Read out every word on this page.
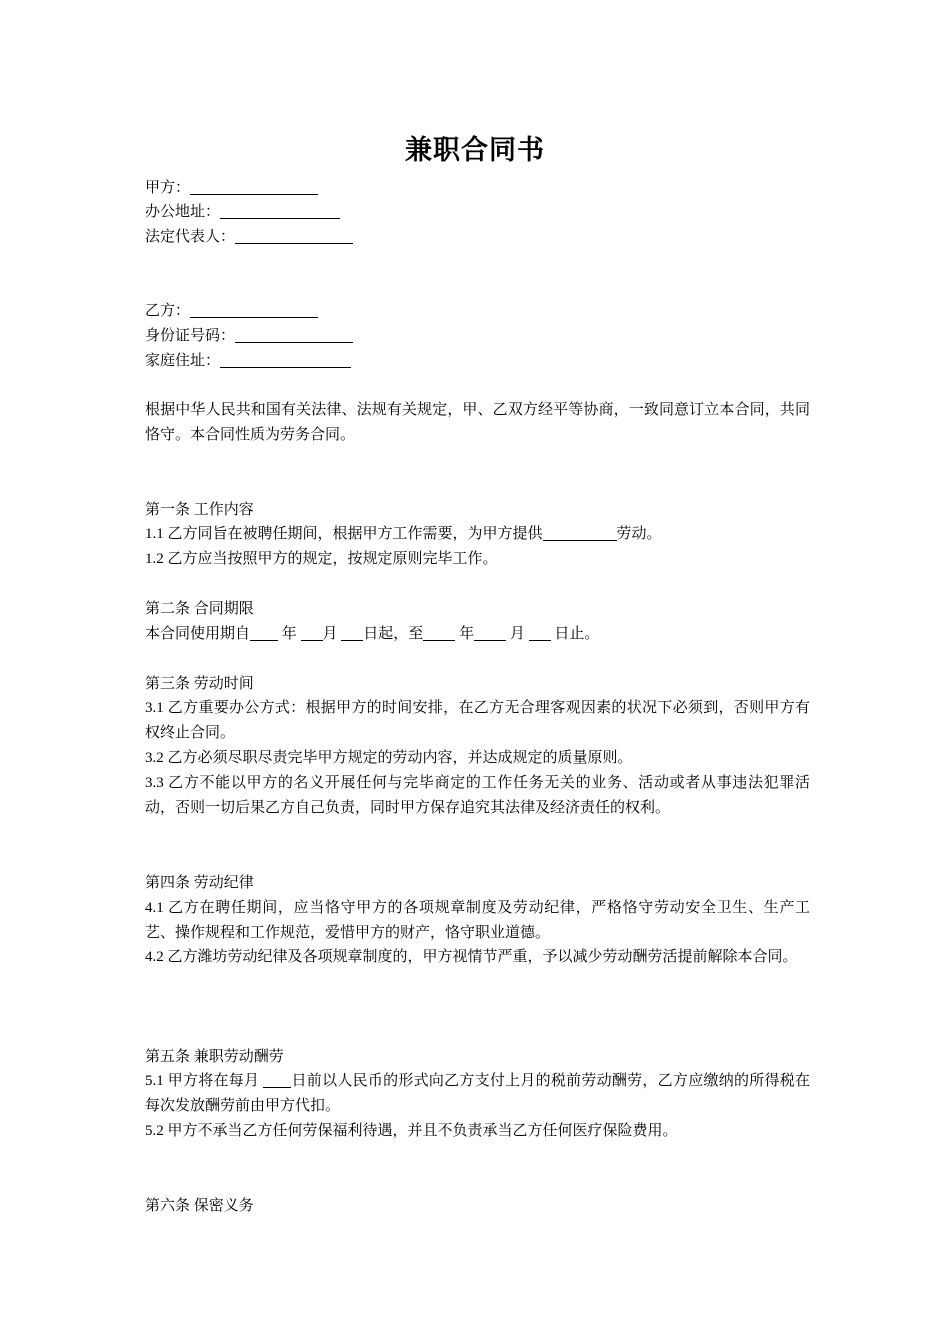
兼职合同书
甲方：
办公地址：
法定代表人：
乙方：
身份证号码：
家庭住址：
根据中华人民共和国有关法律、法规有关规定，甲、乙双方经平等协商，一致同意订立本合同，共同恪守。本合同性质为劳务合同。
第一条 工作内容
1.1 乙方同旨在被聘任期间，根据甲方工作需要，为甲方提供	劳动。
1.2 乙方应当按照甲方的规定，按规定原则完毕工作。
第二条 合同期限
本合同使用期自 年 月 日起，至 年 月  日止。
第三条 劳动时间
3.1 乙方重要办公方式：根据甲方的时间安排，在乙方无合理客观因素的状况下必须到，否则甲方有权终止合同。
3.2 乙方必须尽职尽责完毕甲方规定的劳动内容，并达成规定的质量原则。
3.3 乙方不能以甲方的名义开展任何与完毕商定的工作任务无关的业务、活动或者从事违法犯罪活动，否则一切后果乙方自己负责，同时甲方保存追究其法律及经济责任的权利。
第四条 劳动纪律
4.1 乙方在聘任期间，应当恪守甲方的各项规章制度及劳动纪律，严格恪守劳动安全卫生、生产工艺、操作规程和工作规范，爱惜甲方的财产，恪守职业道德。
4.2 乙方潍坊劳动纪律及各项规章制度的，甲方视情节严重，予以减少劳动酬劳活提前解除本合同。
第五条 兼职劳动酬劳
5.1 甲方将在每月 日前以人民币的形式向乙方支付上月的税前劳动酬劳，乙方应缴纳的所得税在每次发放酬劳前由甲方代扣。
5.2 甲方不承当乙方任何劳保福利待遇，并且不负责承当乙方任何医疗保险费用。
第六条 保密义务
